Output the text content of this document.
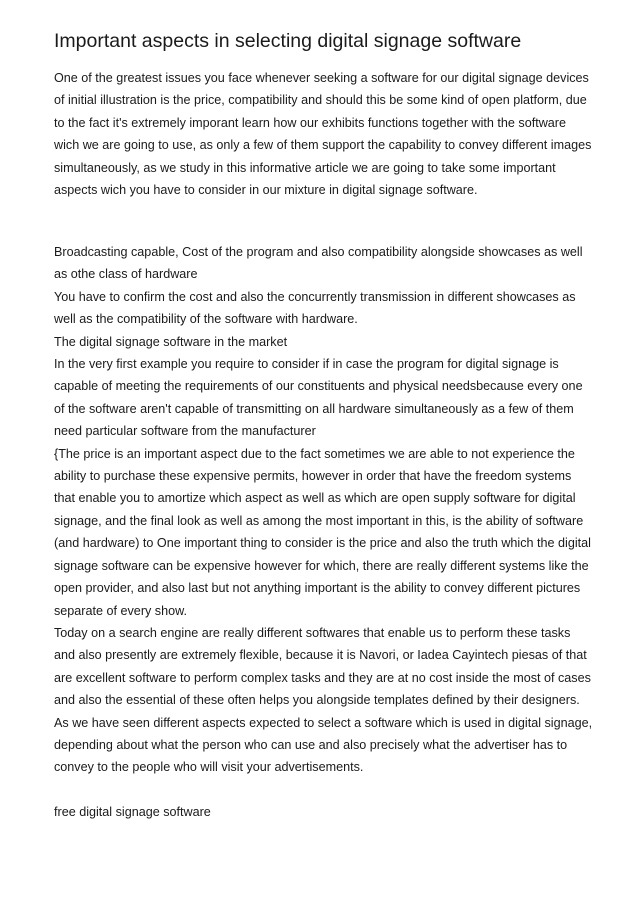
Important aspects in selecting digital signage software

One of the greatest issues you face whenever seeking a software for our digital signage devices of initial illustration is the price, compatibility and should this be some kind of open platform, due to the fact it's extremely imporant learn how our exhibits functions together with the software wich we are going to use, as only a few of them support the capability to convey different images simultaneously, as we study in this informative article we are going to take some important aspects wich you have to consider in our mixture in digital signage software.

Broadcasting capable, Cost of the program and also compatibility alongside showcases as well as othe class of hardware

You have to confirm the cost and also the concurrently transmission in different showcases as well as the compatibility of the software with hardware.

The digital signage software in the market

In the very first example you require to consider if in case the program for digital signage is capable of meeting the requirements of our constituents and physical needsbecause every one of the software aren't capable of transmitting on all hardware simultaneously as a few of them need particular software from the manufacturer

{The price is an important aspect due to the fact sometimes we are able to not experience the ability to purchase these expensive permits, however in order that have the freedom systems that enable you to amortize which aspect as well as which are open supply software for digital signage, and the final look as well as among the most important in this, is the ability of software (and hardware) to One important thing to consider is the price and also the truth which the digital signage software can be expensive however for which, there are really different systems like the open provider, and also last but not anything important is the ability to convey different pictures separate of every show.

Today on a search engine are really different softwares that enable us to perform these tasks and also presently are extremely flexible, because it is Navori, or Iadea Cayintech piesas of that are excellent software to perform complex tasks and they are at no cost inside the most of cases and also the essential of these often helps you alongside templates defined by their designers.

As we have seen different aspects expected to select a software which is used in digital signage, depending about what the person who can use and also precisely what the advertiser has to convey to the people who will visit your advertisements.

free digital signage software
